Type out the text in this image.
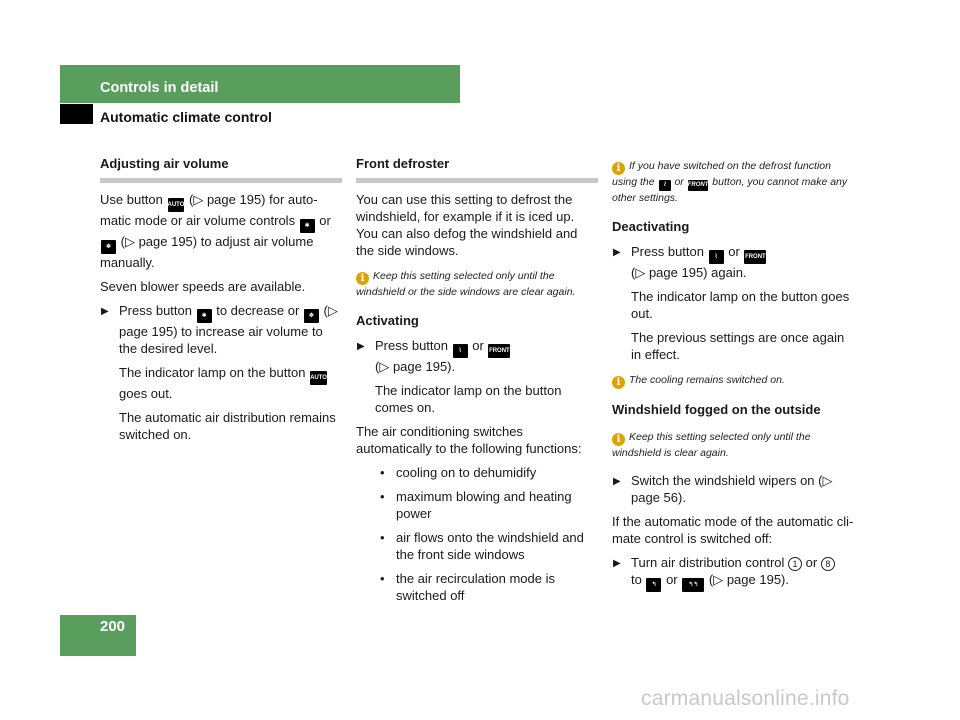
Controls in detail
Automatic climate control
Adjusting air volume

Use button AUTO (▷ page 195) for auto-matic mode or air volume controls ✱ or ✽ (▷ page 195) to adjust air volume manually.

Seven blower speeds are available.

▶ Press button ✱ to decrease or ✽ (▷ page 195) to increase air volume to the desired level.
The indicator lamp on the button AUTO goes out.
The automatic air distribution remains switched on.
Front defroster

You can use this setting to defrost the windshield, for example if it is iced up. You can also defog the windshield and the side windows.

i Keep this setting selected only until the windshield or the side windows are clear again.
Activating
▶ Press button ⌇ or FRONT
(▷ page 195).
The indicator lamp on the button comes on.

The air conditioning switches automatically to the following functions:

• cooling on to dehumidify
• maximum blowing and heating power
• air flows onto the windshield and the front side windows
• the air recirculation mode is switched off
i If you have switched on the defrost function using the ⌇ or FRONT button, you cannot make any other settings.
Deactivating
▶ Press button ⌇ or FRONT
(▷ page 195) again.
The indicator lamp on the button goes out.
The previous settings are once again in effect.
i The cooling remains switched on.
Windshield fogged on the outside
i Keep this setting selected only until the windshield is clear again.
▶ Switch the windshield wipers on (▷ page 56).

If the automatic mode of the automatic cli-mate control is switched off:

▶ Turn air distribution control 1 or 8
to ↰ or ↰↰ (▷ page 195).
200
carmanualsonline.info
